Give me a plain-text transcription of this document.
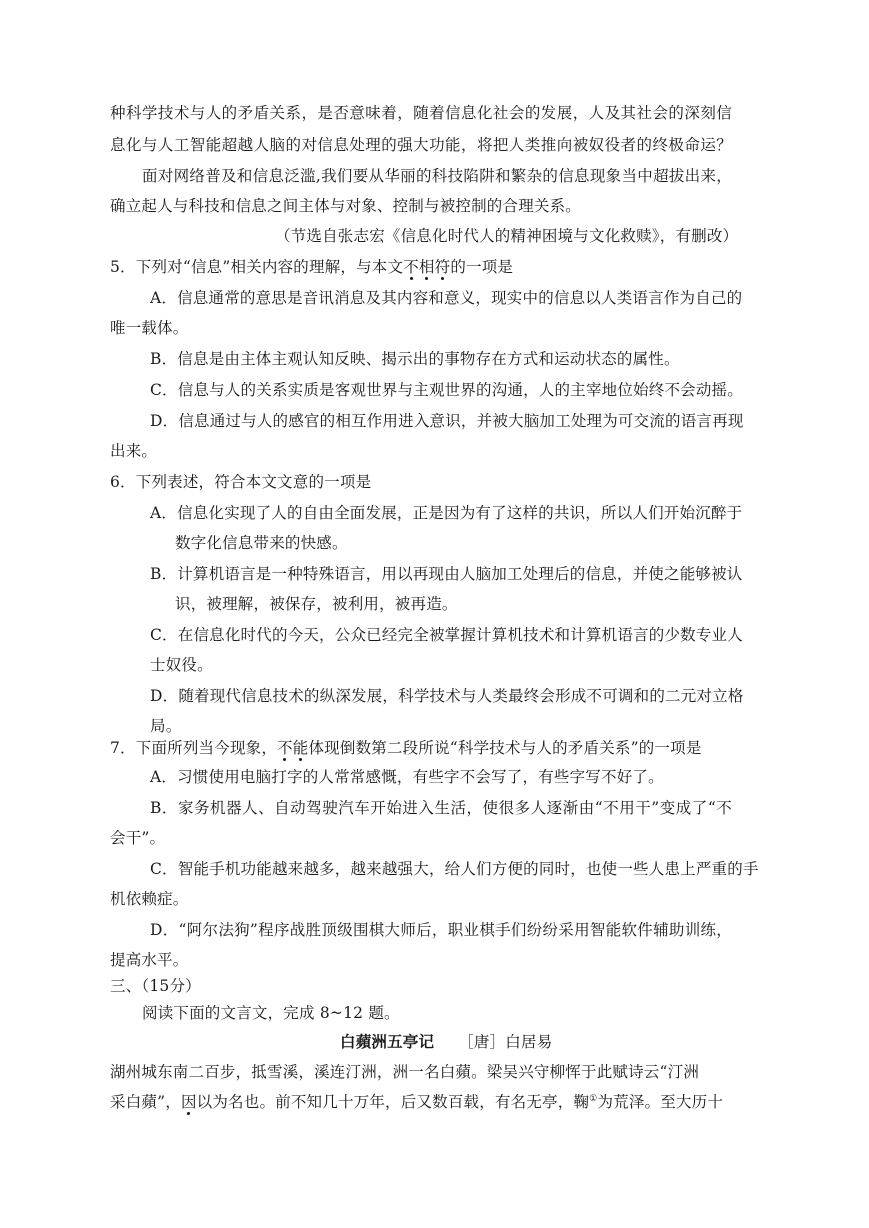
种科学技术与人的矛盾关系，是否意味着，随着信息化社会的发展，人及其社会的深刻信
息化与人工智能超越人脑的对信息处理的强大功能，将把人类推向被奴役者的终极命运？
面对网络普及和信息泛滥,我们要从华丽的科技陷阱和繁杂的信息现象当中超拔出来，
确立起人与科技和信息之间主体与对象、控制与被控制的合理关系。
（节选自张志宏《信息化时代人的精神困境与文化救赎》，有删改）
5．下列对“信息”相关内容的理解，与本文不相符的一项是
A．信息通常的意思是音讯消息及其内容和意义，现实中的信息以人类语言作为自己的
唯一载体。
B．信息是由主体主观认知反映、揭示出的事物存在方式和运动状态的属性。
C．信息与人的关系实质是客观世界与主观世界的沟通，人的主宰地位始终不会动摇。
D．信息通过与人的感官的相互作用进入意识，并被大脑加工处理为可交流的语言再现
出来。
6．下列表述，符合本文文意的一项是
A．信息化实现了人的自由全面发展，正是因为有了这样的共识，所以人们开始沉醉于
数字化信息带来的快感。
B．计算机语言是一种特殊语言，用以再现由人脑加工处理后的信息，并使之能够被认
识，被理解，被保存，被利用，被再造。
C．在信息化时代的今天，公众已经完全被掌握计算机技术和计算机语言的少数专业人
士奴役。
D．随着现代信息技术的纵深发展，科学技术与人类最终会形成不可调和的二元对立格
局。
7．下面所列当今现象，不能体现倒数第二段所说“科学技术与人的矛盾关系”的一项是
A．习惯使用电脑打字的人常常感慨，有些字不会写了，有些字写不好了。
B．家务机器人、自动驾驶汽车开始进入生活，使很多人逐渐由“不用干”变成了“不
会干”。
C．智能手机功能越来越多，越来越强大，给人们方便的同时，也使一些人患上严重的手
机依赖症。
D．“阿尔法狗”程序战胜顶级围棋大师后，职业棋手们纷纷采用智能软件辅助训练，
提高水平。
三、（15分）
阅读下面的文言文，完成 8~12 题。
白蘋洲五亭记 ［唐］白居易
湖州城东南二百步，抵雪溪，溪连汀洲，洲一名白蘋。梁吴兴守柳恽于此赋诗云“汀洲
采白蘋”，因以为名也。前不知几十万年，后又数百载，有名无亭，鞠①为荒泽。至大历十
